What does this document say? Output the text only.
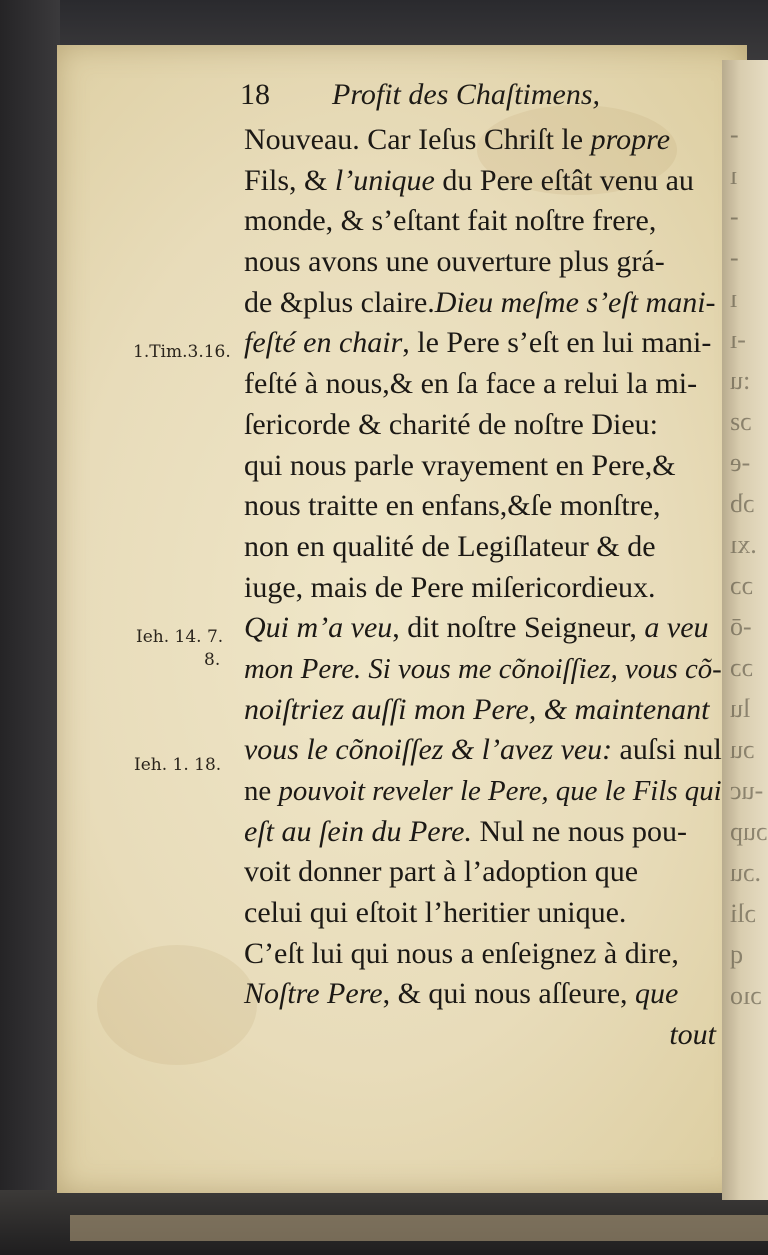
-
ı
-
-
ı
-ı
:u
ɔƨ
-e
ɔb
.xı
ɔɔ
-ō
ɔɔ
lu
ɔu
-uc
ɔup
.ɔu
ɔli
q
ɔıo
18 Profit des Chaſtimens,
1.Tim.3.16.
Ieh. 14. 7.
8.
Ieh. 1. 18.
Nouveau. Car Ieſus Chriſt le propre
Fils, & l’unique du Pere eſtât venu au
monde, & s’eſtant fait noſtre frere,
nous avons une ouverture plus grá-
de &plus claire.Dieu meſme s’eſt mani-
feſté en chair, le Pere s’eſt en lui mani-
feſté à nous,& en ſa face a relui la mi-
ſericorde & charité de noſtre Dieu:
qui nous parle vrayement en Pere,&
nous traitte en enfans,&ſe monſtre,
non en qualité de Legiſlateur & de
iuge, mais de Pere miſericordieux.
Qui m’a veu, dit noſtre Seigneur, a veu
mon Pere. Si vous me cõnoiſſiez, vous cõ-
noiſtriez auſſi mon Pere, & maintenant
vous le cõnoiſſez & l’avez veu: auſsi nul
ne pouvoit reveler le Pere, que le Fils qui
eſt au ſein du Pere. Nul ne nous pou-
voit donner part à l’adoption que
celui qui eſtoit l’heritier unique.
C’eſt lui qui nous a enſeignez à dire,
Noſtre Pere, & qui nous aſſeure, que
tout
